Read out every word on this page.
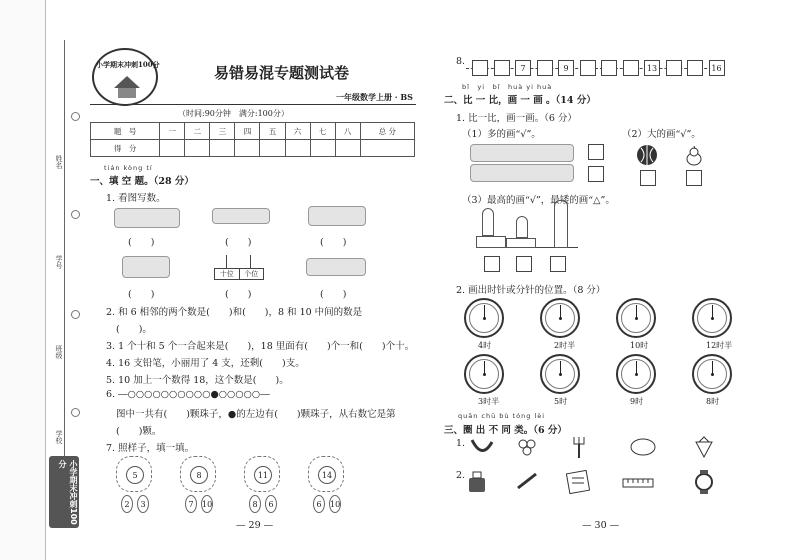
姓名
学号
班级
学校
小学期末冲刺100分
小学期末冲刺100分	易错易混专题测试卷
一年级数学上册 · BS
（时间:90分钟　满分:100分）
题　号	一	二	三	四	五	六	七	八	总 分
得　分									
tián kòng tí
一、填 空 题。（28 分）
1. 看图写数。
(　　)	(　　)	(　　)
十位	个位
(　　)	(　　)	(　　)
2. 和 6 相邻的两个数是(　　)和(　　)，8 和 10 中间的数是
(　　)。
3. 1 个十和 5 个一合起来是(　　)，18 里面有(　　)个一和(　　)个十。
4. 16 支铅笔，小丽用了 4 支，还剩(　　)支。
5. 10 加上一个数得 18，这个数是(　　)。
6. ―○○○○○○○○○○●○○○○○―
图中一共有(　　)颗珠子，●的左边有(　　)颗珠子，从右数它是第
(　　)颗。
7. 照样子，填一填。
5
2	3
8
7	10
11
8	6
14
6	10
— 29 —
8.
7	9	13	16
bǐ　yi　bǐ　huà yi huà
二、比 一 比，画 一 画 。（14 分）
1. 比一比，画一画。（6 分）
（1）多的画“√”。	（2）大的画“√”。
（3）最高的画“√”，最矮的画“△”。
2. 画出时针或分针的位置。（8 分）
4时	2时半	10时	12时半
3时半	5时	9时	8时
quān chū bù tóng lèi
三、圈 出 不 同 类。（6 分）
1.
2.
— 30 —
